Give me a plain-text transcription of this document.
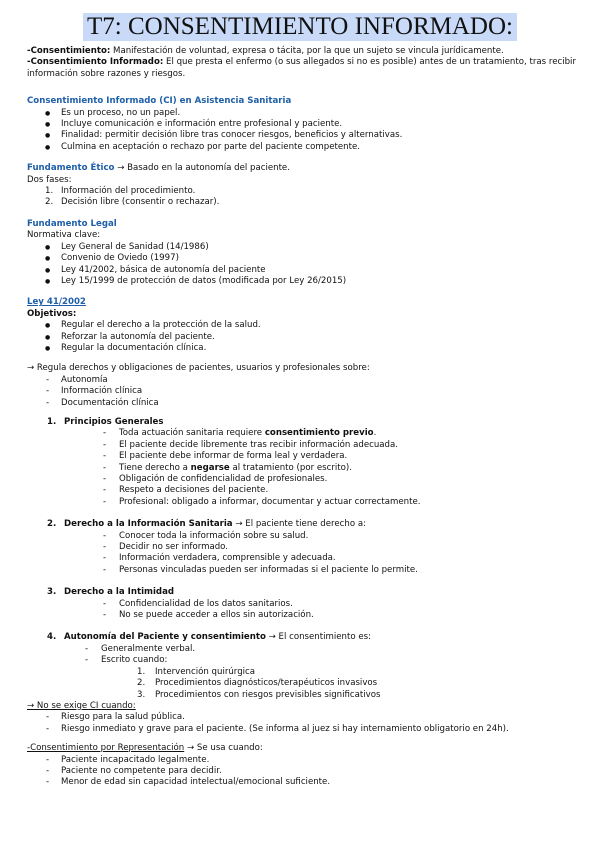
T7: CONSENTIMIENTO INFORMADO:

-Consentimiento: Manifestación de voluntad, expresa o tácita, por la que un sujeto se vincula jurídicamente.

-Consentimiento Informado: El que presta el enfermo (o sus allegados si no es posible) antes de un tratamiento, tras recibir información sobre razones y riesgos.

Consentimiento Informado (CI) en Asistencia Sanitaria

● Es un proceso, no un papel.
● Incluye comunicación e información entre profesional y paciente.
● Finalidad: permitir decisión libre tras conocer riesgos, beneficios y alternativas.
● Culmina en aceptación o rechazo por parte del paciente competente.

Fundamento Ético → Basado en la autonomía del paciente.

Dos fases:

1. Información del procedimiento.
2. Decisión libre (consentir o rechazar).

Fundamento Legal

Normativa clave:

● Ley General de Sanidad (14/1986)
● Convenio de Oviedo (1997)
● Ley 41/2002, básica de autonomía del paciente
● Ley 15/1999 de protección de datos (modificada por Ley 26/2015)

Ley 41/2002

Objetivos:

● Regular el derecho a la protección de la salud.
● Reforzar la autonomía del paciente.
● Regular la documentación clínica.

→ Regula derechos y obligaciones de pacientes, usuarios y profesionales sobre:

- Autonomía
- Información clínica
- Documentación clínica

1. Principios Generales

- Toda actuación sanitaria requiere consentimiento previo.
- El paciente decide libremente tras recibir información adecuada.
- El paciente debe informar de forma leal y verdadera.
- Tiene derecho a negarse al tratamiento (por escrito).
- Obligación de confidencialidad de profesionales.
- Respeto a decisiones del paciente.
- Profesional: obligado a informar, documentar y actuar correctamente.

2. Derecho a la Información Sanitaria → El paciente tiene derecho a:

- Conocer toda la información sobre su salud.
- Decidir no ser informado.
- Información verdadera, comprensible y adecuada.
- Personas vinculadas pueden ser informadas si el paciente lo permite.

3. Derecho a la Intimidad

- Confidencialidad de los datos sanitarios.
- No se puede acceder a ellos sin autorización.

4. Autonomía del Paciente y consentimiento → El consentimiento es:

- Generalmente verbal.
- Escrito cuando:
1. Intervención quirúrgica
2. Procedimientos diagnósticos/terapéuticos invasivos
3. Procedimientos con riesgos previsibles significativos

→ No se exige CI cuando:

- Riesgo para la salud pública.
- Riesgo inmediato y grave para el paciente. (Se informa al juez si hay internamiento obligatorio en 24h).

-Consentimiento por Representación → Se usa cuando:

- Paciente incapacitado legalmente.
- Paciente no competente para decidir.
- Menor de edad sin capacidad intelectual/emocional suficiente.
